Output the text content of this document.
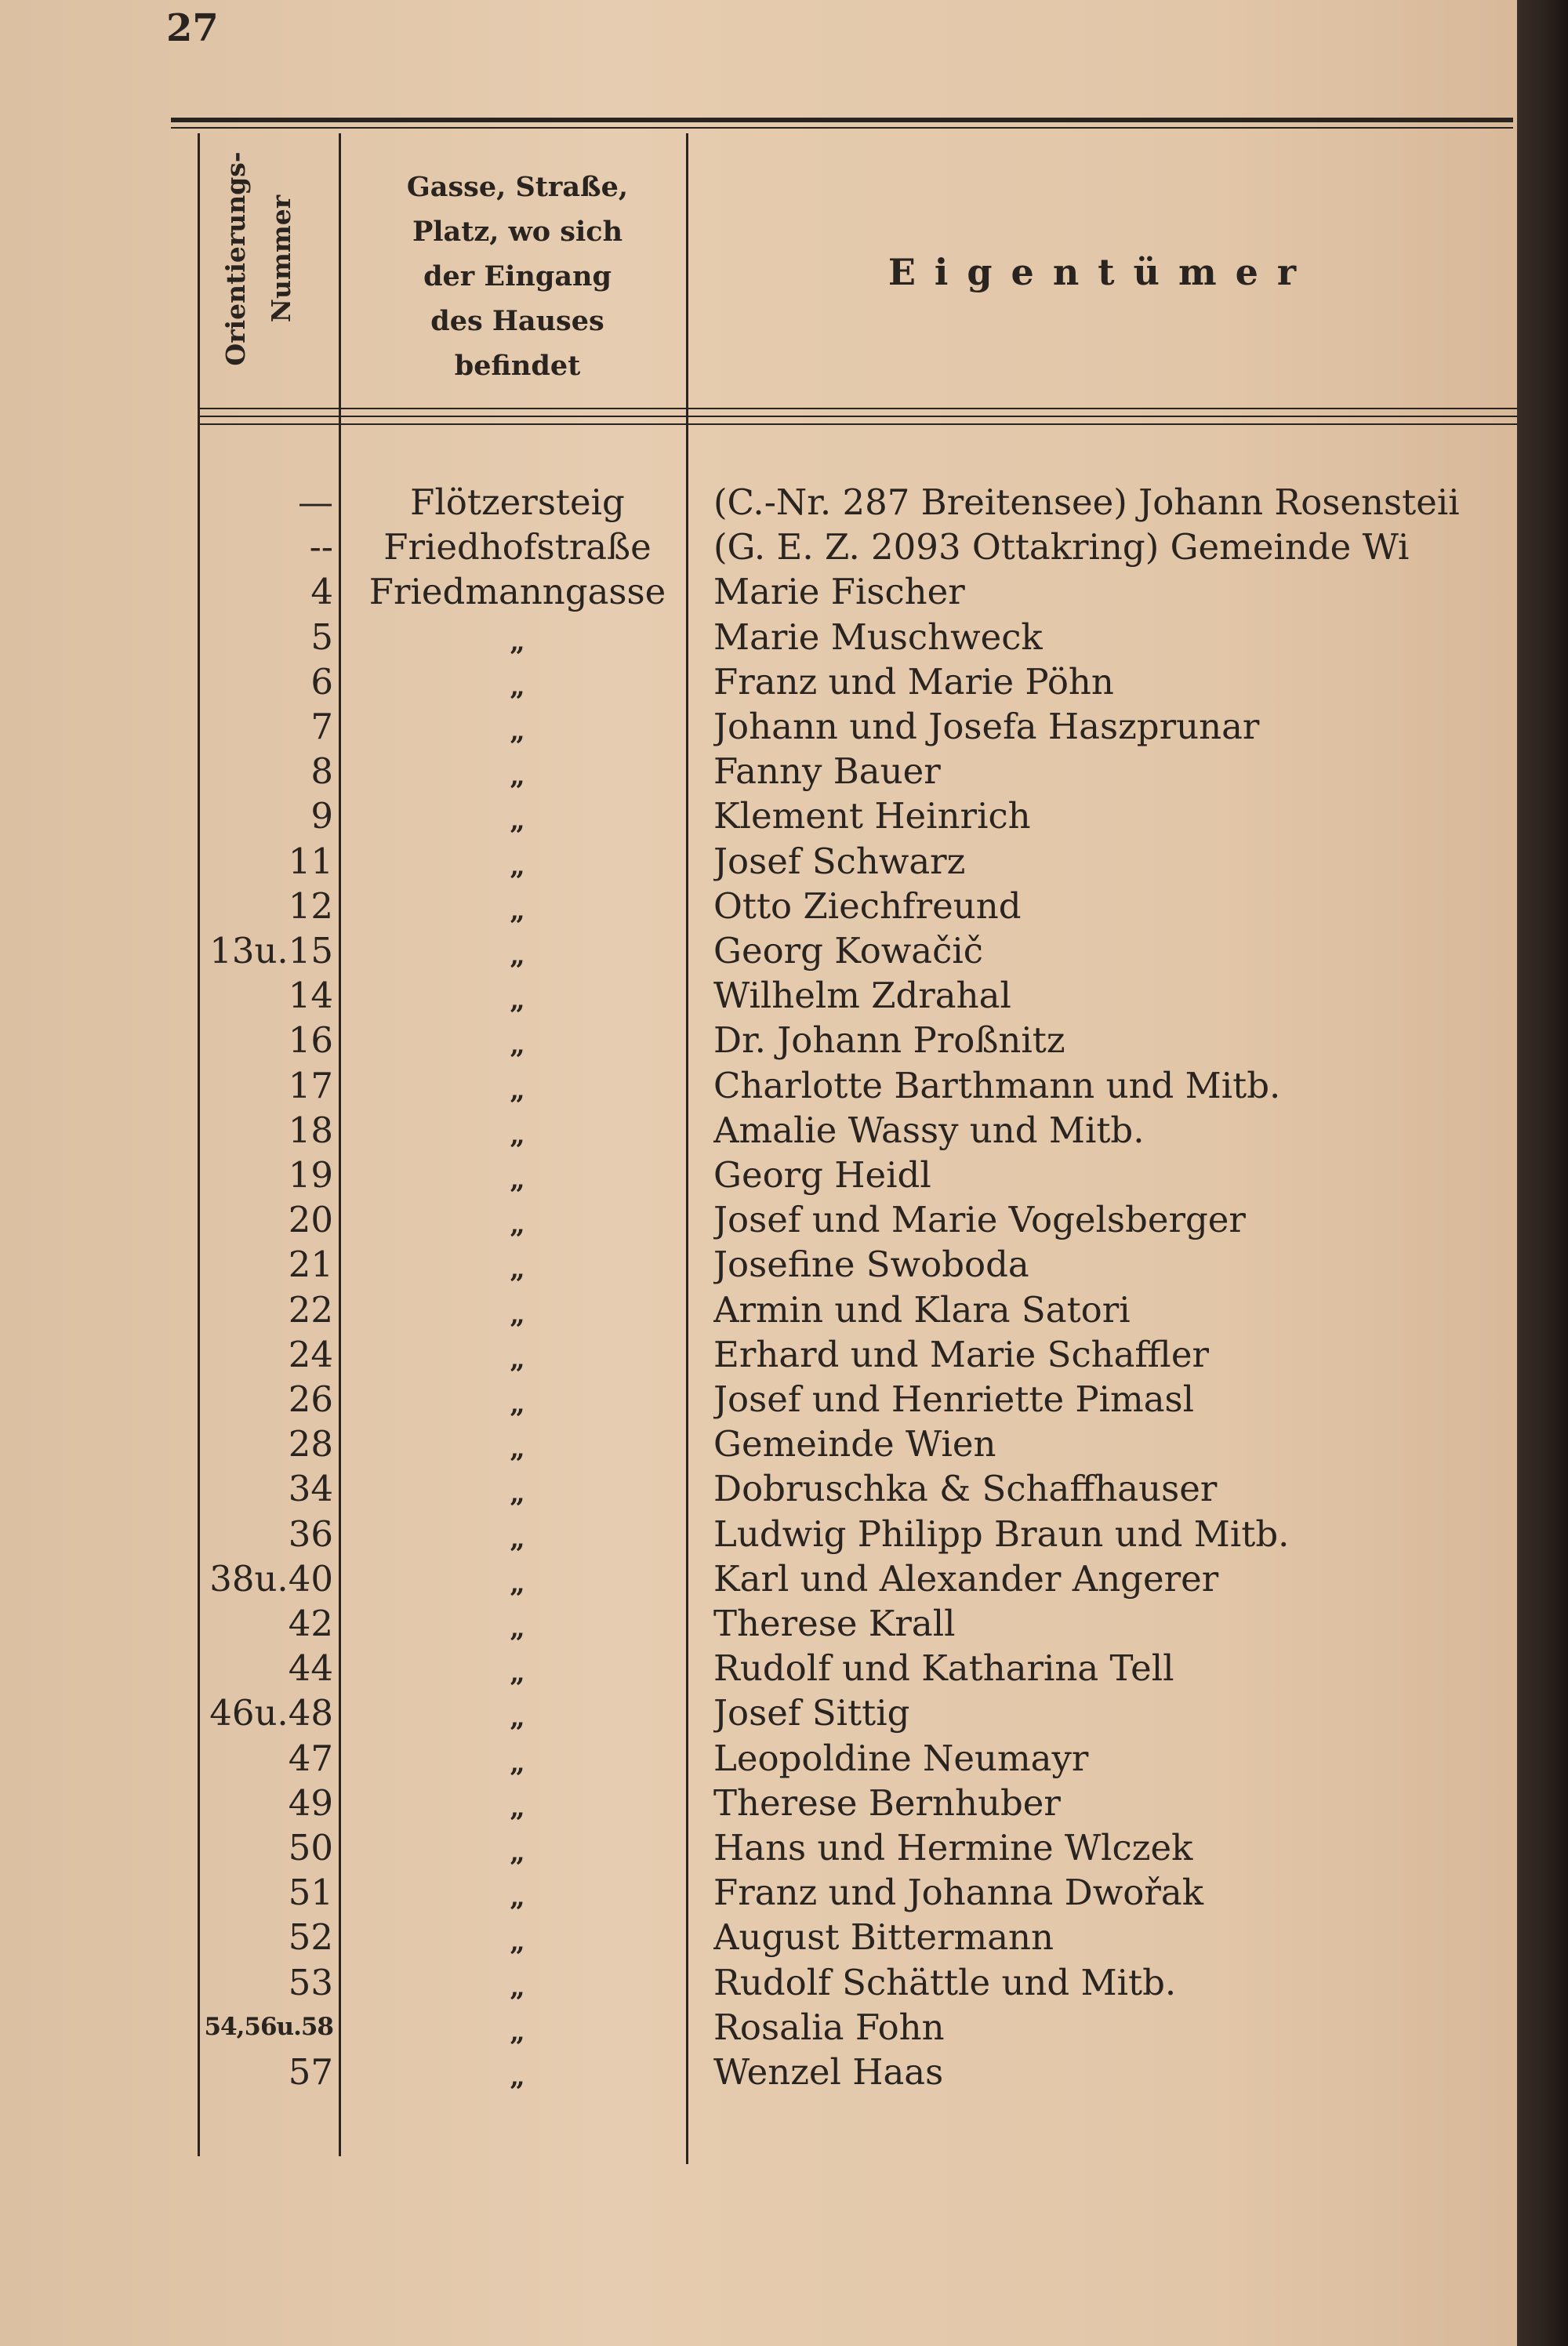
27
Orientierungs-
Nummer
Gasse, Straße,
Platz, wo sich
der Eingang
des Hauses
befindet
Eigentümer
—	Flötzersteig	(C.-Nr. 287 Breitensee) Johann Rosensteii
--	Friedhofstraße	(G. E. Z. 2093 Ottakring) Gemeinde Wi
4	Friedmanngasse	Marie Fischer
5	„	Marie Muschweck
6	„	Franz und Marie Pöhn
7	„	Johann und Josefa Haszprunar
8	„	Fanny Bauer
9	„	Klement Heinrich
11	„	Josef Schwarz
12	„	Otto Ziechfreund
13u.15	„	Georg Kowačič
14	„	Wilhelm Zdrahal
16	„	Dr. Johann Proßnitz
17	„	Charlotte Barthmann und Mitb.
18	„	Amalie Wassy und Mitb.
19	„	Georg Heidl
20	„	Josef und Marie Vogelsberger
21	„	Josefine Swoboda
22	„	Armin und Klara Satori
24	„	Erhard und Marie Schaffler
26	„	Josef und Henriette Pimasl
28	„	Gemeinde Wien
34	„	Dobruschka & Schaffhauser
36	„	Ludwig Philipp Braun und Mitb.
38u.40	„	Karl und Alexander Angerer
42	„	Therese Krall
44	„	Rudolf und Katharina Tell
46u.48	„	Josef Sittig
47	„	Leopoldine Neumayr
49	„	Therese Bernhuber
50	„	Hans und Hermine Wlczek
51	„	Franz und Johanna Dwořak
52	„	August Bittermann
53	„	Rudolf Schättle und Mitb.
54,56u.58	„	Rosalia Fohn
57	„	Wenzel Haas
